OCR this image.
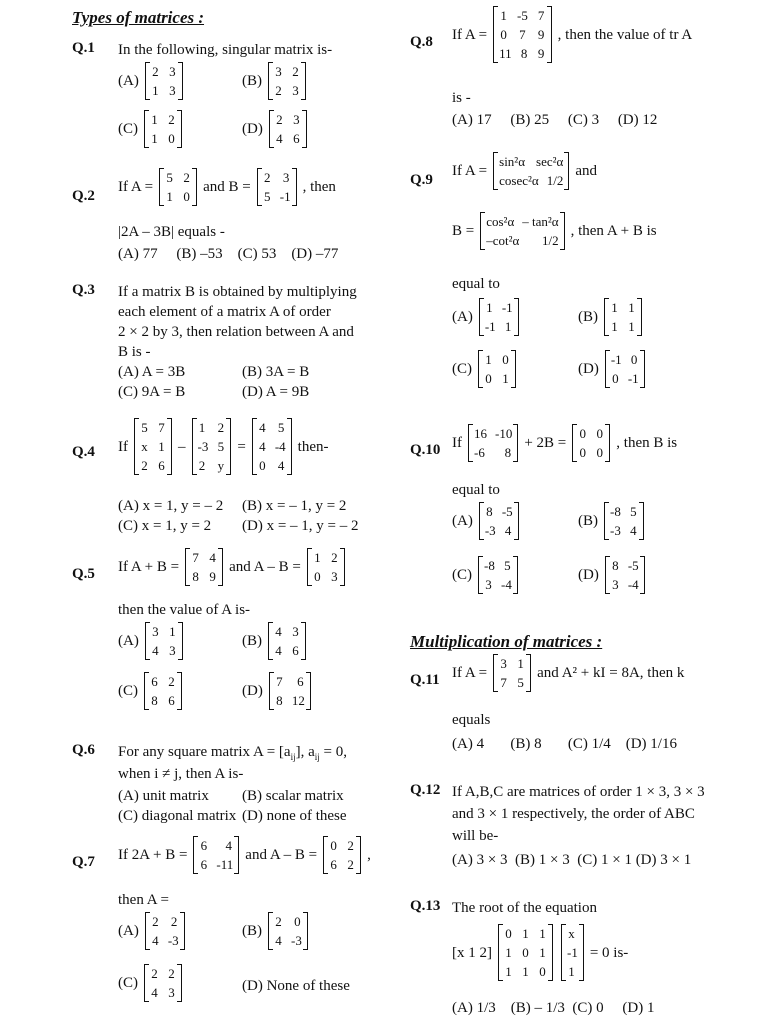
Types of matrices :
Q.1 In the following, singular matrix is-
(A)
2 3
1 3
(B)
3 2
2 3
(C)
1 2
1 0
(D)
2 3
4 6
Q.2
If A =
5 2
1 0
and B =
2 3
5 -1
, then
|2A – 3B| equals -
(A) 77     (B) –53    (C) 53    (D) –77
Q.3 If a matrix B is obtained by multiplying
each element of a matrix A of order
2 × 2 by 3, then relation between A and
B is -
(A) A = 3B	(B) 3A = B
(C) 9A = B	(D) A = 9B
Q.4 If
5 7
x 1
2 6
–
1 2
-3 5
2 y
=
4 5
4 -4
0 4
then-
(A) x = 1, y = – 2 (B) x = – 1, y = 2
(C) x = 1, y = 2 (D) x = – 1, y = – 2
Q.5 If A + B =
7 4
8 9
and A – B =
1 2
0 3
then the value of A is-
(A)
3 1
4 3
(B)
4 3
4 6
(C)
6 2
8 6
(D)
7 6
8 12
Q.6 For any square matrix $A = [a_{ij}]$, $a_{ij} = 0$,
when i ≠ j, then A is-
(A) unit matrix (B) scalar matrix
(C) diagonal matrix (D) none of these
Q.7 If 2A + B =
6 4
6 -11
and A – B =
0 2
6 2
,
then A =
(A)
2 2
4 -3
(B)
2 0
4 -3
(C)
2 2
4 3	(D) None of these
Q.8 If A =
1 -5 7
0 7 9
11 8 9
, then the value of tr A
is -
(A) 17     (B) 25     (C) 3     (D) 12
Q.9
If A =
sin²α sec²α
cosec²α 1/2
and
B =
cos²α – tan²α
–cot²α 1/2
, then A + B is
equal to
(A)
1 -1
-1 1
(B)
1 1
1 1
(C)
1 0
0 1
(D)
-1 0
0 -1
Q.10 If
16 -10
-6 8
+ 2B =
0 0
0 0
, then B is
equal to
(A)
8 -5
-3 4
(B)
-8 5
-3 4
(C)
-8 5
3 -4
(D)
8 -5
3 -4
Multiplication of matrices :
Q.11 If A =
3 1
7 5
and A² + kI = 8A, then k
equals
(A) 4       (B) 8       (C) 1/4    (D) 1/16
Q.12 If A,B,C are matrices of order 1 × 3, 3 × 3
and 3 × 1 respectively, the order of ABC
will be-
(A) 3 × 3  (B) 1 × 3  (C) 1 × 1 (D) 3 × 1
Q.13 The root of the equation
[x 1 2]
0 1 1
1 0 1
1 1 0
x
-1
1
= 0 is-
(A) 1/3    (B) – 1/3  (C) 0     (D) 1
